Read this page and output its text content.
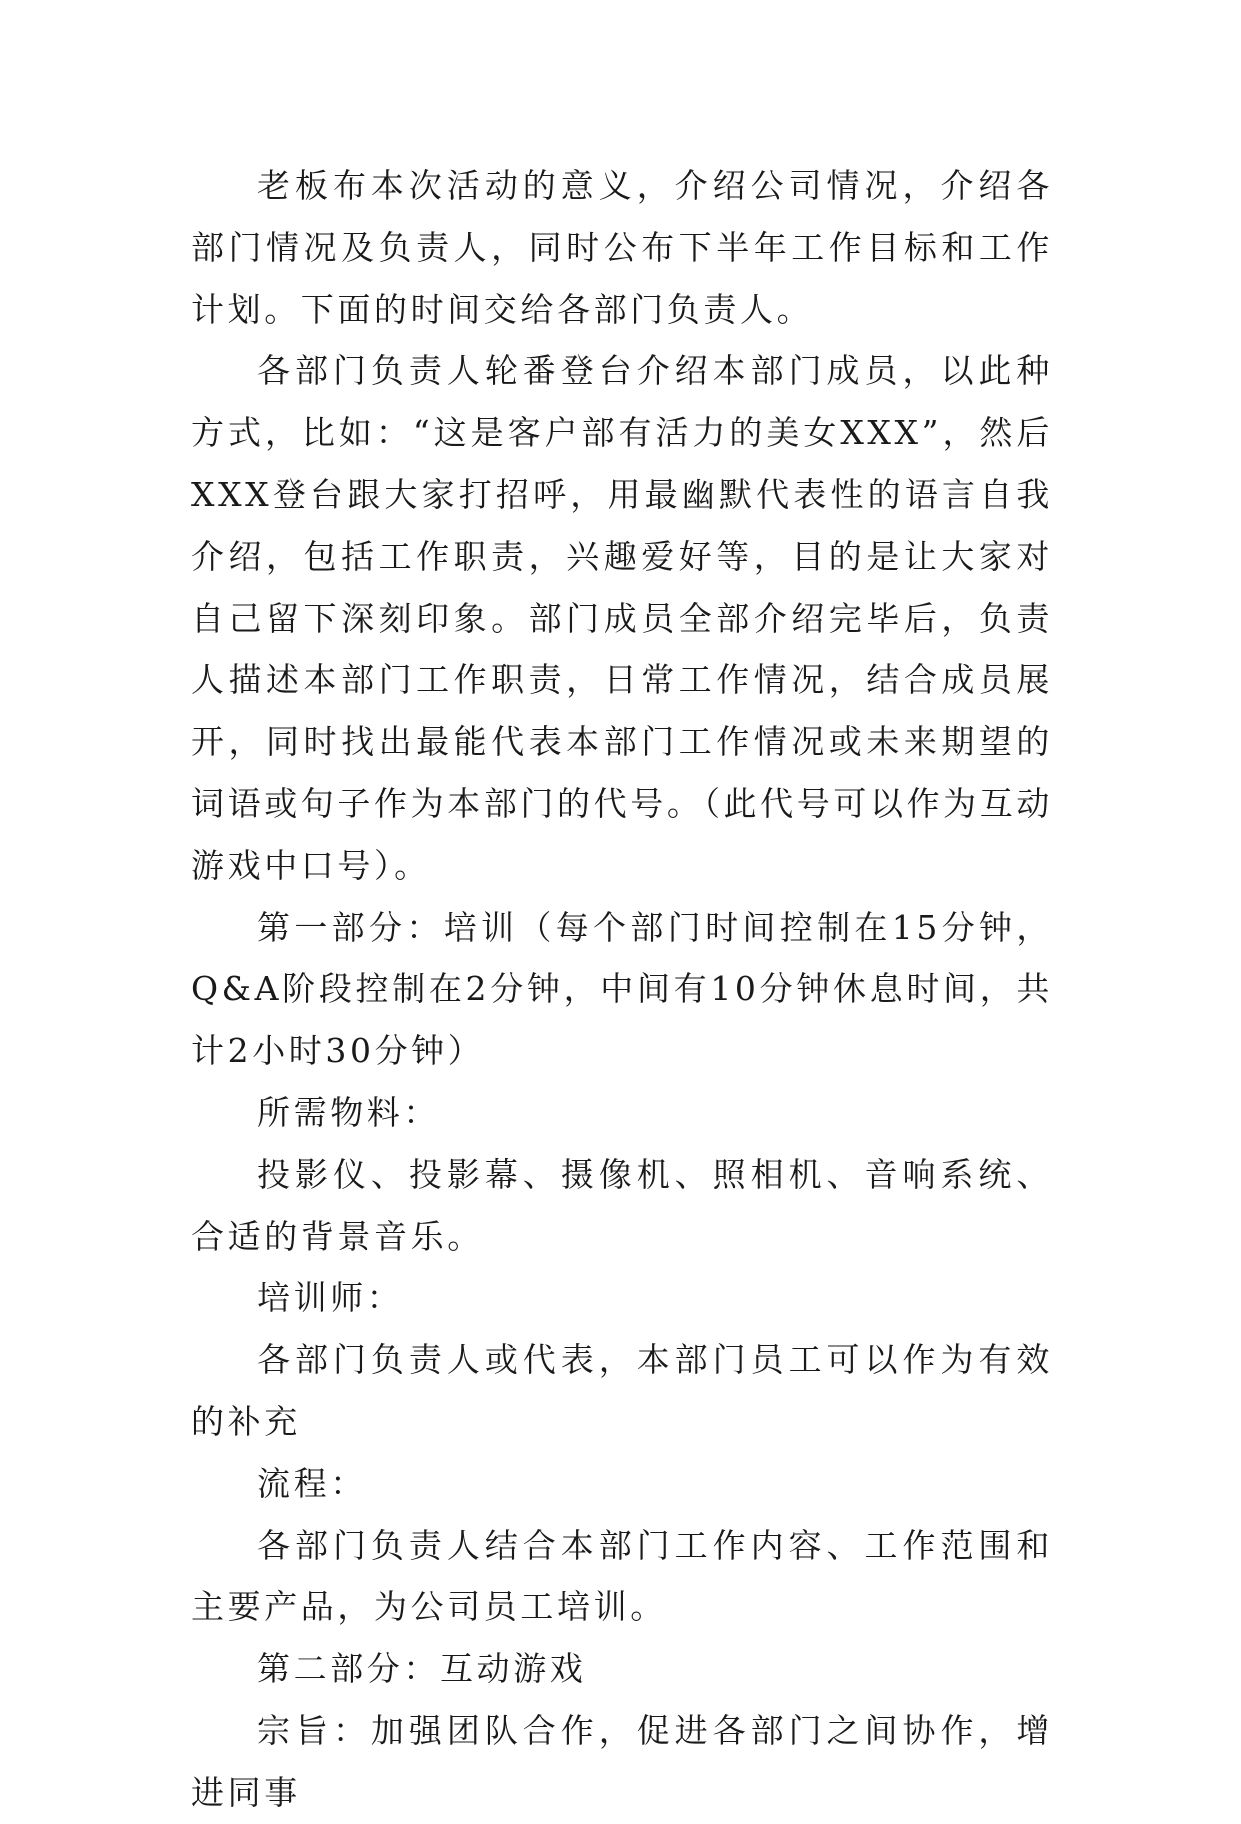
老板布本次活动的意义，介绍公司情况，介绍各部门情况及负责人，同时公布下半年工作目标和工作计划。下面的时间交给各部门负责人。

各部门负责人轮番登台介绍本部门成员，以此种方式，比如：“这是客户部有活力的美女XXX”，然后XXX登台跟大家打招呼，用最幽默代表性的语言自我介绍，包括工作职责，兴趣爱好等，目的是让大家对自己留下深刻印象。部门成员全部介绍完毕后，负责人描述本部门工作职责，日常工作情况，结合成员展开，同时找出最能代表本部门工作情况或未来期望的词语或句子作为本部门的代号。（此代号可以作为互动游戏中口号）。

第一部分：培训（每个部门时间控制在15分钟，Q&A阶段控制在2分钟，中间有10分钟休息时间，共计2小时30分钟）

所需物料：

投影仪、投影幕、摄像机、照相机、音响系统、合适的背景音乐。

培训师：

各部门负责人或代表，本部门员工可以作为有效的补充

流程：

各部门负责人结合本部门工作内容、工作范围和主要产品，为公司员工培训。

第二部分：互动游戏

宗旨：加强团队合作，促进各部门之间协作，增进同事
